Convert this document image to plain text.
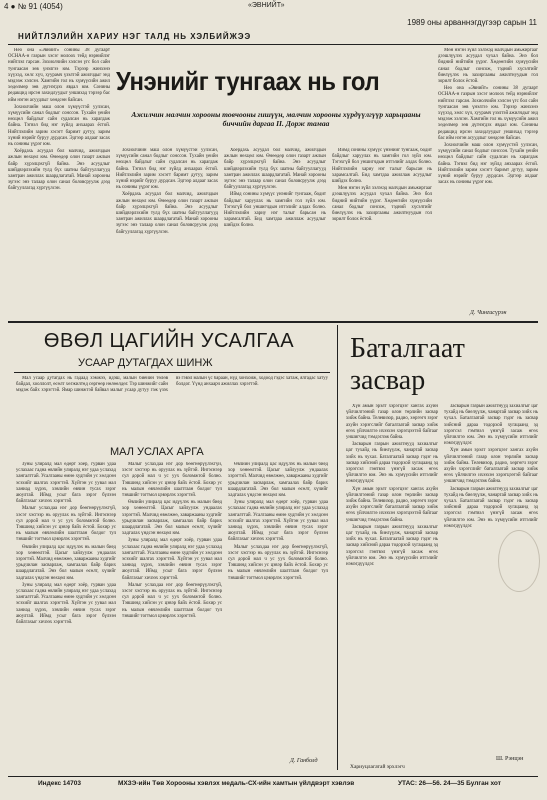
4 ● № 91 (4054)	«ЭВНИЙТ»
1989 оны арваннэгдүгээр сарын 11
НИЙТЛЭЛИЙН ХАРИУ НЭГ ТАЛД НЬ ХЭЛБИЙЖЭЭ

Нео она «Эвнийт» сонины 38 дугаарт ОСНАА-н газрын хэсэг молоох тейд нэрнийлэг нийтлэл гарсан. Зохиолчийн хэлсэн үгс бол сайн тунгаасан зөв үнэлгээ юм. Тэрээр жинхэнэ хүүхэд, хөлс хүч, хуурамч үзэлтэй ажилчдыг энд мэдээж хэлсэн. Хамгийн гол нь хүмүүсийн ажил хөдөлмөр зөв дүгнэгдэх явдал юм. Сонины редакцид ирсэн захидлуудыг уншихад тэрээр бас ийм нэгэн асуудлыг хөндсөн байсан.

Зохиолчийн маш олон хүмүүстэй уулзсан, хүмүүсийн санал бодлыг сонссон. Тухайн үеийн нөхцөл байдлыг сайн судалсан нь харагдаж байна. Тэгвэл бид нэг зүйлд анхаарах ёстой. Нийтлэлийн зарим хэсэгт баримт дутуу, зарим хүний нэрийг буруу дурдсан. Эдгээр алдааг засах нь сонины үүрэг юм.

Хоёрдахь асуудал бол малчид, ажилчдын ажлын нөхцөл юм. Өнөөдөр олон газарт ажлын байр хүрэлцэхгүй байна. Энэ асуудлыг шийдвэрлэхийн тулд бүх шатны байгууллагууд хамтран ажиллах шаардлагатай. Манай хорооны зүгээс энэ талаар олон санал боловсруулж дээд байгууллагад хүргүүлсэн.

Зохиолчийн маш олон хүмүүстэй уулзсан, хүмүүсийн санал бодлыг сонссон. Тухайн үеийн нөхцөл байдлыг сайн судалсан нь харагдаж байна. Тэгвэл бид нэг зүйлд анхаарах ёстой. Нийтлэлийн зарим хэсэгт баримт дутуу, зарим хүний нэрийг буруу дурдсан. Эдгээр алдааг засах нь сонины үүрэг юм.

Хоёрдахь асуудал бол малчид, ажилчдын ажлын нөхцөл юм. Өнөөдөр олон газарт ажлын байр хүрэлцэхгүй байна. Энэ асуудлыг шийдвэрлэхийн тулд бүх шатны байгууллагууд хамтран ажиллах шаардлагатай. Манай хорооны зүгээс энэ талаар олон санал боловсруулж дээд байгууллагад хүргүүлсэн.

Хоёрдахь асуудал бол малчид, ажилчдын ажлын нөхцөл юм. Өнөөдөр олон газарт ажлын байр хүрэлцэхгүй байна. Энэ асуудлыг шийдвэрлэхийн тулд бүх шатны байгууллагууд хамтран ажиллах шаардлагатай. Манай хорооны зүгээс энэ талаар олон санал боловсруулж дээд байгууллагад хүргүүлсэн.

Иймд сонины хүмүүс үнэнийг тунгааж, бодит байдлыг харуулах нь хамгийн гол зүйл юм. Тэгэхгүй бол уншигчдын итгэлийг алдах болно. Нийтлэлийн хариу нэг талыг барьсан нь харамсалтай. Бид хамтдаа ажиллаж асуудлыг шийдэх болно.

Иймд сонины хүмүүс үнэнийг тунгааж, бодит байдлыг харуулах нь хамгийн гол зүйл юм. Тэгэхгүй бол уншигчдын итгэлийг алдах болно. Нийтлэлийн хариу нэг талыг барьсан нь харамсалтай. Бид хамтдаа ажиллаж асуудлыг шийдэх болно.

Мөн нэгэн зүйл хэлэхэд малчдын амьжиргааг дээшлүүлэх асуудал чухал байна. Энэ бол бидний нийтийн үүрэг. Хөдөөгийн хүмүүсийн санал бодлыг сонсож, тэдний хүсэлтийг биелүүлэх нь захиргааны ажилтнуудын гол зорилт болох ёстой.

Мөн нэгэн зүйл хэлэхэд малчдын амьжиргааг дээшлүүлэх асуудал чухал байна. Энэ бол бидний нийтийн үүрэг. Хөдөөгийн хүмүүсийн санал бодлыг сонсож, тэдний хүсэлтийг биелүүлэх нь захиргааны ажилтнуудын гол зорилт болох ёстой.

Нео она «Эвнийт» сонины 38 дугаарт ОСНАА-н газрын хэсэг молоох тейд нэрнийлэг нийтлэл гарсан. Зохиолчийн хэлсэн үгс бол сайн тунгаасан зөв үнэлгээ юм. Тэрээр жинхэнэ хүүхэд, хөлс хүч, хуурамч үзэлтэй ажилчдыг энд мэдээж хэлсэн. Хамгийн гол нь хүмүүсийн ажил хөдөлмөр зөв дүгнэгдэх явдал юм. Сонины редакцид ирсэн захидлуудыг уншихад тэрээр бас ийм нэгэн асуудлыг хөндсөн байсан.

Зохиолчийн маш олон хүмүүстэй уулзсан, хүмүүсийн санал бодлыг сонссон. Тухайн үеийн нөхцөл байдлыг сайн судалсан нь харагдаж байна. Тэгвэл бид нэг зүйлд анхаарах ёстой. Нийтлэлийн зарим хэсэгт баримт дутуу, зарим хүний нэрийг буруу дурдсан. Эдгээр алдааг засах нь сонины үүрэг юм.

Унэнийг тунгаах нь гол
Ажилчин малчин хорооны товчооны гишүүн, малчин хорооны хүрдүүлгүүр харьцааны биччийн даргаа II. Дорж тамаа
Д. Чингисүрэн
ӨВӨЛ ЦАГИЙН УСАЛГАА
УСААР ДУТАГДАХ ШИНЖ

Мал усаар дутагдах нь гадаад хэмжээ, идэш, малын биеийн төлөв байдал, хооллолт, өсөлт хөгжилтөд сөргөөр нөлөөлдөг. Тэр шинжийг сайн мэдэж байх хэрэгтэй. Ямар шинжтэй байвал малыг усаар дутуу гэж үзэх вэ гэвэл малын үс бараан, нүд хонхойж, ходоод гэдэс хатаж, ялгадас хатуу болдог. Үүнд анхаарч ажиллах хэрэгтэй.

МАЛ УСЛАХ АРГА

Зуны улиралд мал өдөрт хоёр, гурван удаа услахаас гадна өвлийн улиралд нэг удаа услахад хангалттай. Усалгааны өмнө худгийн ус хөлдсөн эсэхийг шалгах хэрэгтэй. Хүйтэн ус уувал мал ханиад хүрэх, хэвлийн өвчин тусах зэрэг аюултай. Иймд усыг бага зэрэг бүлээн байлгахыг хичээх хэрэгтэй.

Малыг услахдаа нэг дор бөөгнөрүүлэхгүй, хэсэг хэсгээр нь оруулах нь зүйтэй. Ингэснээр сул дорой мал ч ус уух боломжтой болно. Тэвшинд хийсэн ус цэвэр байх ёстой. Бохир ус нь малын өвчлөлийн шалтгаан болдог тул тэвшийг тогтмол цэвэрлэх хэрэгтэй.

Өвлийн улиралд цас идүүлэх нь малын биед хор хөнөөлтэй. Цасыг хайлуулж ундаалах хэрэгтэй. Малчид өвөлжөө, хаваржааны худгийг урьдчилан засварлаж, хамгаалах байр барих шаардлагатай. Энэ бол малын өсөлт, хүчийг хадгалах үндсэн нөхцөл юм.

Зуны улиралд мал өдөрт хоёр, гурван удаа услахаас гадна өвлийн улиралд нэг удаа услахад хангалттай. Усалгааны өмнө худгийн ус хөлдсөн эсэхийг шалгах хэрэгтэй. Хүйтэн ус уувал мал ханиад хүрэх, хэвлийн өвчин тусах зэрэг аюултай. Иймд усыг бага зэрэг бүлээн байлгахыг хичээх хэрэгтэй.

Малыг услахдаа нэг дор бөөгнөрүүлэхгүй, хэсэг хэсгээр нь оруулах нь зүйтэй. Ингэснээр сул дорой мал ч ус уух боломжтой болно. Тэвшинд хийсэн ус цэвэр байх ёстой. Бохир ус нь малын өвчлөлийн шалтгаан болдог тул тэвшийг тогтмол цэвэрлэх хэрэгтэй.

Өвлийн улиралд цас идүүлэх нь малын биед хор хөнөөлтэй. Цасыг хайлуулж ундаалах хэрэгтэй. Малчид өвөлжөө, хаваржааны худгийг урьдчилан засварлаж, хамгаалах байр барих шаардлагатай. Энэ бол малын өсөлт, хүчийг хадгалах үндсэн нөхцөл юм.

Зуны улиралд мал өдөрт хоёр, гурван удаа услахаас гадна өвлийн улиралд нэг удаа услахад хангалттай. Усалгааны өмнө худгийн ус хөлдсөн эсэхийг шалгах хэрэгтэй. Хүйтэн ус уувал мал ханиад хүрэх, хэвлийн өвчин тусах зэрэг аюултай. Иймд усыг бага зэрэг бүлээн байлгахыг хичээх хэрэгтэй.

Малыг услахдаа нэг дор бөөгнөрүүлэхгүй, хэсэг хэсгээр нь оруулах нь зүйтэй. Ингэснээр сул дорой мал ч ус уух боломжтой болно. Тэвшинд хийсэн ус цэвэр байх ёстой. Бохир ус нь малын өвчлөлийн шалтгаан болдог тул тэвшийг тогтмол цэвэрлэх хэрэгтэй.

Өвлийн улиралд цас идүүлэх нь малын биед хор хөнөөлтэй. Цасыг хайлуулж ундаалах хэрэгтэй. Малчид өвөлжөө, хаваржааны худгийг урьдчилан засварлаж, хамгаалах байр барих шаардлагатай. Энэ бол малын өсөлт, хүчийг хадгалах үндсэн нөхцөл юм.

Зуны улиралд мал өдөрт хоёр, гурван удаа услахаас гадна өвлийн улиралд нэг удаа услахад хангалттай. Усалгааны өмнө худгийн ус хөлдсөн эсэхийг шалгах хэрэгтэй. Хүйтэн ус уувал мал ханиад хүрэх, хэвлийн өвчин тусах зэрэг аюултай. Иймд усыг бага зэрэг бүлээн байлгахыг хичээх хэрэгтэй.

Малыг услахдаа нэг дор бөөгнөрүүлэхгүй, хэсэг хэсгээр нь оруулах нь зүйтэй. Ингэснээр сул дорой мал ч ус уух боломжтой болно. Тэвшинд хийсэн ус цэвэр байх ёстой. Бохир ус нь малын өвчлөлийн шалтгаан болдог тул тэвшийг тогтмол цэвэрлэх хэрэгтэй.

Д. Ганболд
Баталгаат засвар

Хүн амын эрэлт хэрэгцээг хангах ахуйн үйлчилгээний газар олон төрлийн засвар хийж байна. Телевизор, радио, хөргөгч зэрэг ахуйн хэрэгслийг баталгаатай засвар хийж өгөх үйлчилгээ ихээхэн хэрэгцээтэй байгааг уншигчид тэмдэглэж байна.

Засварын газрын ажилтнууд захиалгыг цаг тухайд нь биелүүлж, чанартай засвар хийх нь чухал. Баталгаатай засвар гэдэг нь засвар хийсний дараа тодорхой хугацаанд эд хэрэгсэл гэмтвэл үнэгүй засаж өгөх үйлчилгээ юм. Энэ нь хүмүүсийн итгэлийг нэмэгдүүлдэг.

Хүн амын эрэлт хэрэгцээг хангах ахуйн үйлчилгээний газар олон төрлийн засвар хийж байна. Телевизор, радио, хөргөгч зэрэг ахуйн хэрэгслийг баталгаатай засвар хийж өгөх үйлчилгээ ихээхэн хэрэгцээтэй байгааг уншигчид тэмдэглэж байна.

Засварын газрын ажилтнууд захиалгыг цаг тухайд нь биелүүлж, чанартай засвар хийх нь чухал. Баталгаатай засвар гэдэг нь засвар хийсний дараа тодорхой хугацаанд эд хэрэгсэл гэмтвэл үнэгүй засаж өгөх үйлчилгээ юм. Энэ нь хүмүүсийн итгэлийг нэмэгдүүлдэг.

Засварын газрын ажилтнууд захиалгыг цаг тухайд нь биелүүлж, чанартай засвар хийх нь чухал. Баталгаатай засвар гэдэг нь засвар хийсний дараа тодорхой хугацаанд эд хэрэгсэл гэмтвэл үнэгүй засаж өгөх үйлчилгээ юм. Энэ нь хүмүүсийн итгэлийг нэмэгдүүлдэг.

Хүн амын эрэлт хэрэгцээг хангах ахуйн үйлчилгээний газар олон төрлийн засвар хийж байна. Телевизор, радио, хөргөгч зэрэг ахуйн хэрэгслийг баталгаатай засвар хийж өгөх үйлчилгээ ихээхэн хэрэгцээтэй байгааг уншигчид тэмдэглэж байна.

Засварын газрын ажилтнууд захиалгыг цаг тухайд нь биелүүлж, чанартай засвар хийх нь чухал. Баталгаатай засвар гэдэг нь засвар хийсний дараа тодорхой хугацаанд эд хэрэгсэл гэмтвэл үнэгүй засаж өгөх үйлчилгээ юм. Энэ нь хүмүүсийн итгэлийг нэмэгдүүлдэг.

Ш. Рэнцэн
Хариуцлагатай эрхлэгч
Индекс 14703	МХЗЭ-ийн Төв Хорооны хэвлэх медаль-СХ-ийн хамтын үйлдвэрт хэвлэв	УТАС: 26—56. 24—35 Булган хот
